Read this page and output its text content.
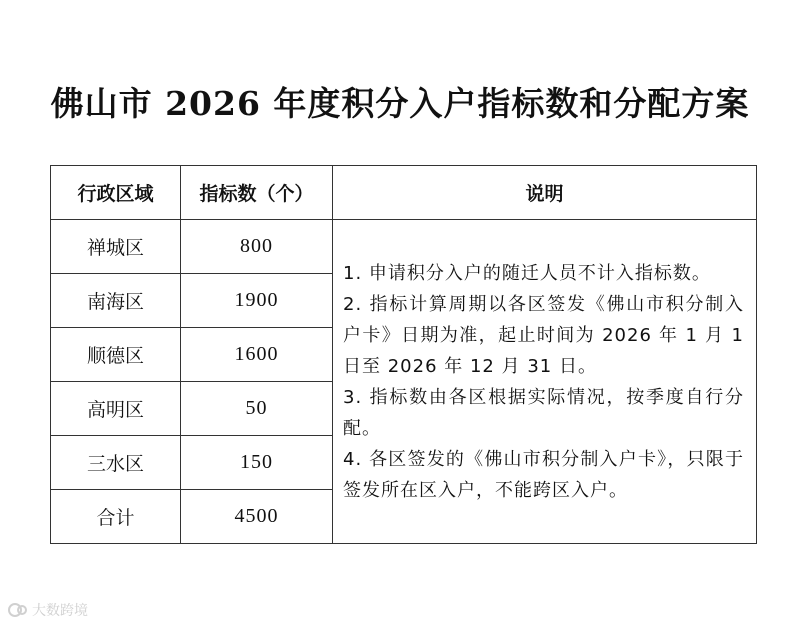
佛山市 2026 年度积分入户指标数和分配方案
行政区域	指标数（个）	说明
禅城区	800	1. 申请积分入户的随迁人员不计入指标数。
2. 指标计算周期以各区签发《佛山市积分制入户卡》日期为准，起止时间为 2026 年 1 月 1 日至 2026 年 12 月 31 日。
3. 指标数由各区根据实际情况，按季度自行分配。
4. 各区签发的《佛山市积分制入户卡》，只限于签发所在区入户，不能跨区入户。

南海区	1900	
顺德区	1600	
高明区	50	
三水区	150	
合计	4500	
大数跨境
